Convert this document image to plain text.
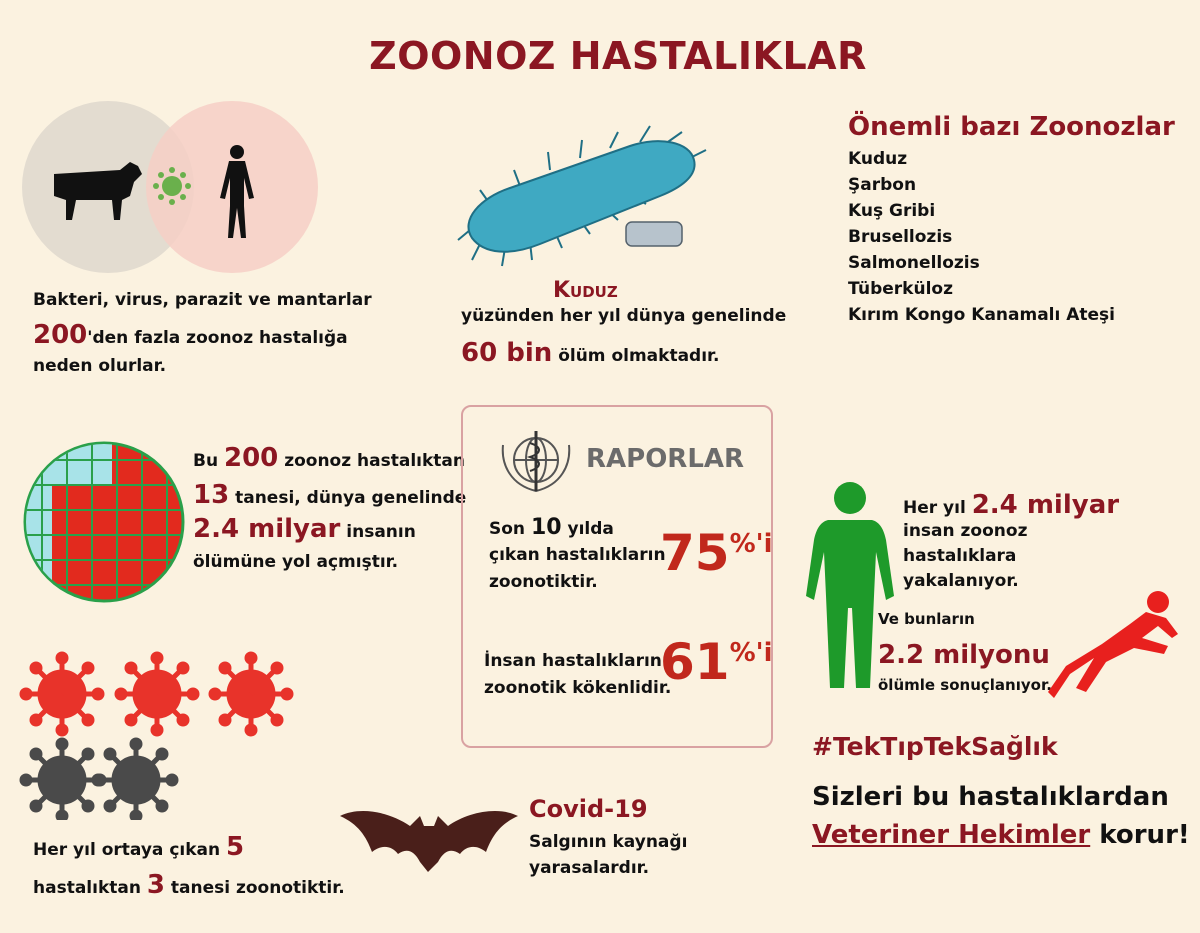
ZOONOZ HASTALIKLAR
Bakteri, virus, parazit ve mantarlar
200'den fazla zoonoz hastalığa
neden olurlar.
Kuduz
yüzünden her yıl dünya genelinde
60 bin ölüm olmaktadır.
Önemli bazı Zoonozlar
Kuduz
Şarbon
Kuş Gribi
Brusellozis
Salmonellozis
Tüberküloz
Kırım Kongo Kanamalı Ateşi
Bu 200 zoonoz hastalıktan
13 tanesi, dünya genelinde
2.4 milyar insanın
ölümüne yol açmıştır.
RAPORLAR
Son 10 yılda
çıkan hastalıkların
zoonotiktir. $75^{\%'i}$
İnsan hastalıkların
zoonotik kökenlidir.
$61^{\%'i}$
Her yıl 2.4 milyar
insan zoonoz
hastalıklara
yakalanıyor.
Ve bunların
2.2 milyonu
ölümle sonuçlanıyor.
Her yıl ortaya çıkan 5
hastalıktan 3 tanesi zoonotiktir.
Covid-19
Salgının kaynağı
yarasalardır.
#TekTıpTekSağlık
Sizleri bu hastalıklardan
Veteriner Hekimler korur!
